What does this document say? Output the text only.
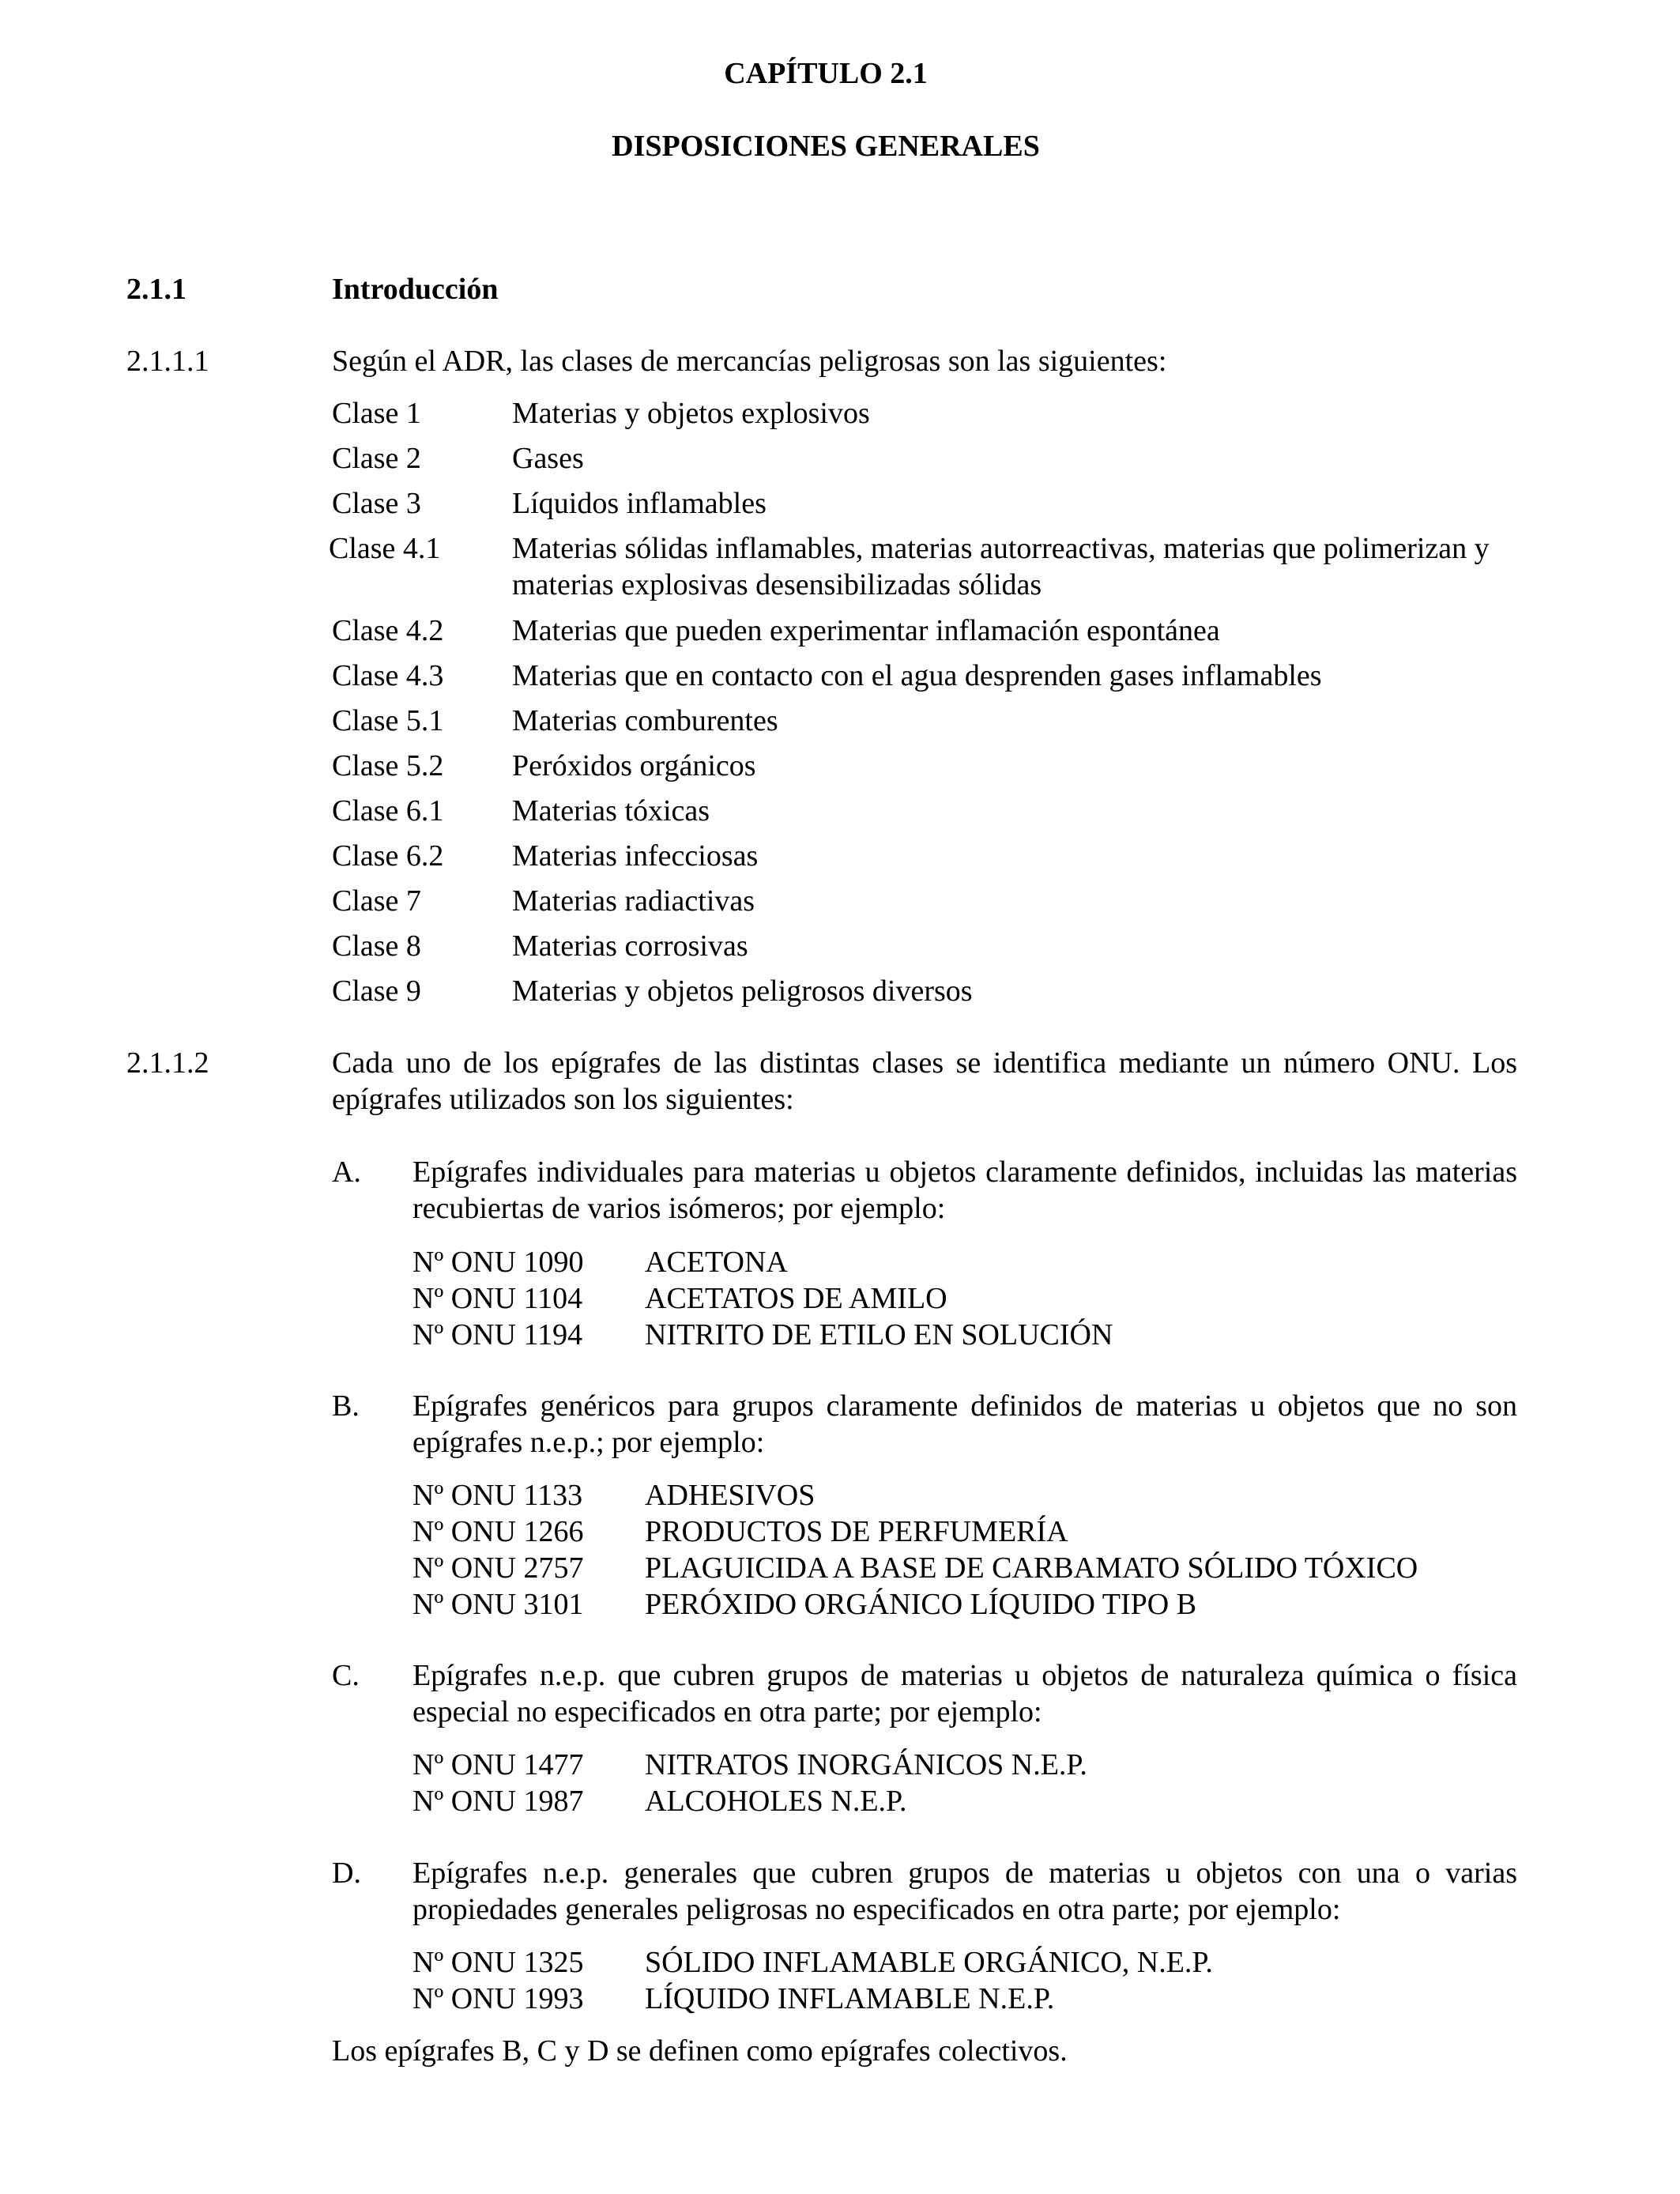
CAPÍTULO 2.1
DISPOSICIONES GENERALES
2.1.1	Introducción
2.1.1.1	Según el ADR, las clases de mercancías peligrosas son las siguientes:
Clase 1	Materias y objetos explosivos
Clase 2	Gases
Clase 3	Líquidos inflamables
Clase 4.1 Materias sólidas inflamables, materias autorreactivas, materias que polimerizan y materias explosivas desensibilizadas sólidas
Clase 4.2 Materias que pueden experimentar inflamación espontánea
Clase 4.3 Materias que en contacto con el agua desprenden gases inflamables
Clase 5.1 Materias comburentes
Clase 5.2 Peróxidos orgánicos
Clase 6.1 Materias tóxicas
Clase 6.2 Materias infecciosas
Clase 7	Materias radiactivas
Clase 8	Materias corrosivas
Clase 9	Materias y objetos peligrosos diversos
2.1.1.2	Cada uno de los epígrafes de las distintas clases se identifica mediante un número ONU. Los epígrafes utilizados son los siguientes:
A. Epígrafes individuales para materias u objetos claramente definidos, incluidas las materias recubiertas de varios isómeros; por ejemplo:
Nº ONU 1090 ACETONA
Nº ONU 1104 ACETATOS DE AMILO
Nº ONU 1194 NITRITO DE ETILO EN SOLUCIÓN
B. Epígrafes genéricos para grupos claramente definidos de materias u objetos que no son epígrafes n.e.p.; por ejemplo:
Nº ONU 1133 ADHESIVOS
Nº ONU 1266 PRODUCTOS DE PERFUMERÍA
Nº ONU 2757 PLAGUICIDA A BASE DE CARBAMATO SÓLIDO TÓXICO
Nº ONU 3101 PERÓXIDO ORGÁNICO LÍQUIDO TIPO B
C. Epígrafes n.e.p. que cubren grupos de materias u objetos de naturaleza química o física especial no especificados en otra parte; por ejemplo:
Nº ONU 1477 NITRATOS INORGÁNICOS N.E.P.
Nº ONU 1987 ALCOHOLES N.E.P.
D. Epígrafes n.e.p. generales que cubren grupos de materias u objetos con una o varias propiedades generales peligrosas no especificados en otra parte; por ejemplo:
Nº ONU 1325 SÓLIDO INFLAMABLE ORGÁNICO, N.E.P.
Nº ONU 1993 LÍQUIDO INFLAMABLE N.E.P.
Los epígrafes B, C y D se definen como epígrafes colectivos.
